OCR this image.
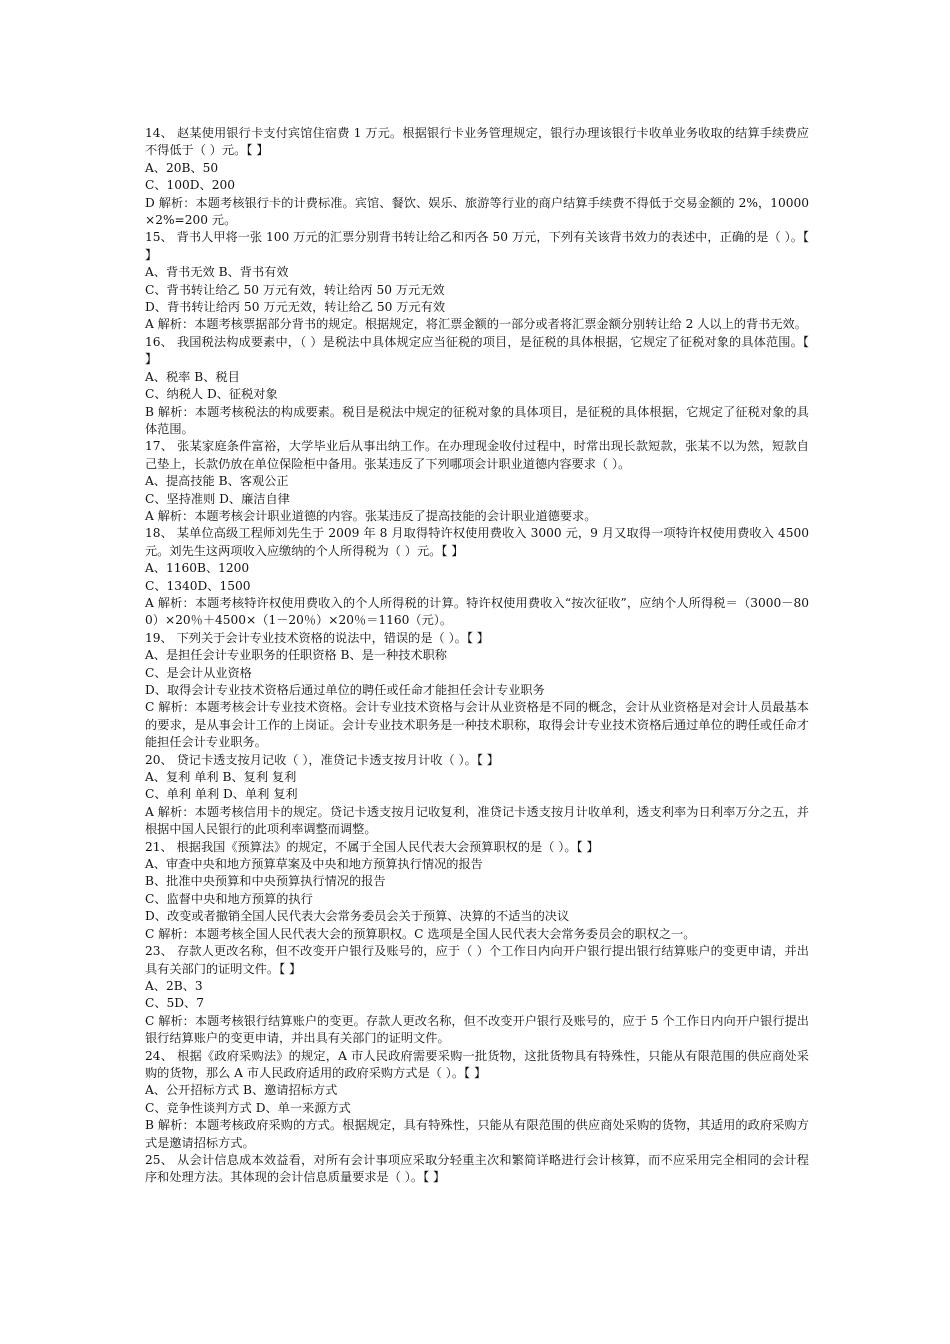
14、 赵某使用银行卡支付宾馆住宿费 1 万元。根据银行卡业务管理规定，银行办理该银行卡收单业务收取的结算手续费应不得低于（ ）元。【 】

A、20B、50

C、100D、200

D 解析：本题考核银行卡的计费标准。宾馆、餐饮、娱乐、旅游等行业的商户结算手续费不得低于交易金额的 2%，10000×2%=200 元。

15、 背书人甲将一张 100 万元的汇票分别背书转让给乙和丙各 50 万元，下列有关该背书效力的表述中，正确的是（ ）。【 】

A、背书无效 B、背书有效

C、背书转让给乙 50 万元有效，转让给丙 50 万元无效

D、背书转让给丙 50 万元无效，转让给乙 50 万元有效

A 解析：本题考核票据部分背书的规定。根据规定，将汇票金额的一部分或者将汇票金额分别转让给 2 人以上的背书无效。

16、 我国税法构成要素中，（ ）是税法中具体规定应当征税的项目，是征税的具体根据，它规定了征税对象的具体范围。【 】

A、税率 B、税目

C、纳税人 D、征税对象

B 解析：本题考核税法的构成要素。税目是税法中规定的征税对象的具体项目，是征税的具体根据，它规定了征税对象的具体范围。

17、 张某家庭条件富裕，大学毕业后从事出纳工作。在办理现金收付过程中，时常出现长款短款，张某不以为然，短款自己垫上，长款仍放在单位保险柜中备用。张某违反了下列哪项会计职业道德内容要求（ ）。

A、提高技能 B、客观公正

C、坚持准则 D、廉洁自律

A 解析：本题考核会计职业道德的内容。张某违反了提高技能的会计职业道德要求。

18、 某单位高级工程师刘先生于 2009 年 8 月取得特许权使用费收入 3000 元，9 月又取得一项特许权使用费收入 4500 元。刘先生这两项收入应缴纳的个人所得税为（ ）元。【 】

A、1160B、1200

C、1340D、1500

A 解析：本题考核特许权使用费收入的个人所得税的计算。特许权使用费收入“按次征收”，应纳个人所得税＝（3000－800）×20％＋4500×（1－20％）×20％＝1160（元）。

19、 下列关于会计专业技术资格的说法中，错误的是（ ）。【 】

A、是担任会计专业职务的任职资格 B、是一种技术职称

C、是会计从业资格

D、取得会计专业技术资格后通过单位的聘任或任命才能担任会计专业职务

C 解析：本题考核会计专业技术资格。会计专业技术资格与会计从业资格是不同的概念，会计从业资格是对会计人员最基本的要求，是从事会计工作的上岗证。会计专业技术职务是一种技术职称，取得会计专业技术资格后通过单位的聘任或任命才能担任会计专业职务。

20、 贷记卡透支按月记收（ ），准贷记卡透支按月计收（ ）。【 】

A、复利 单利 B、复利 复利

C、单利 单利 D、单利 复利

A 解析：本题考核信用卡的规定。贷记卡透支按月记收复利，准贷记卡透支按月计收单利，透支利率为日利率万分之五，并根据中国人民银行的此项利率调整而调整。

21、 根据我国《预算法》的规定，不属于全国人民代表大会预算职权的是（ ）。【 】

A、审查中央和地方预算草案及中央和地方预算执行情况的报告

B、批准中央预算和中央预算执行情况的报告

C、监督中央和地方预算的执行

D、改变或者撤销全国人民代表大会常务委员会关于预算、决算的不适当的决议

C 解析：本题考核全国人民代表大会的预算职权。C 选项是全国人民代表大会常务委员会的职权之一。

23、 存款人更改名称，但不改变开户银行及账号的，应于（ ）个工作日内向开户银行提出银行结算账户的变更申请，并出具有关部门的证明文件。【 】

A、2B、3

C、5D、7

C 解析：本题考核银行结算账户的变更。存款人更改名称，但不改变开户银行及账号的，应于 5 个工作日内向开户银行提出银行结算账户的变更申请，并出具有关部门的证明文件。

24、 根据《政府采购法》的规定，A 市人民政府需要采购一批货物，这批货物具有特殊性，只能从有限范围的供应商处采购的货物，那么 A 市人民政府适用的政府采购方式是（ ）。【 】

A、公开招标方式 B、邀请招标方式

C、竞争性谈判方式 D、单一来源方式

B 解析：本题考核政府采购的方式。根据规定，具有特殊性，只能从有限范围的供应商处采购的货物，其适用的政府采购方式是邀请招标方式。

25、 从会计信息成本效益看，对所有会计事项应采取分轻重主次和繁简详略进行会计核算，而不应采用完全相同的会计程序和处理方法。其体现的会计信息质量要求是（ ）。【 】
